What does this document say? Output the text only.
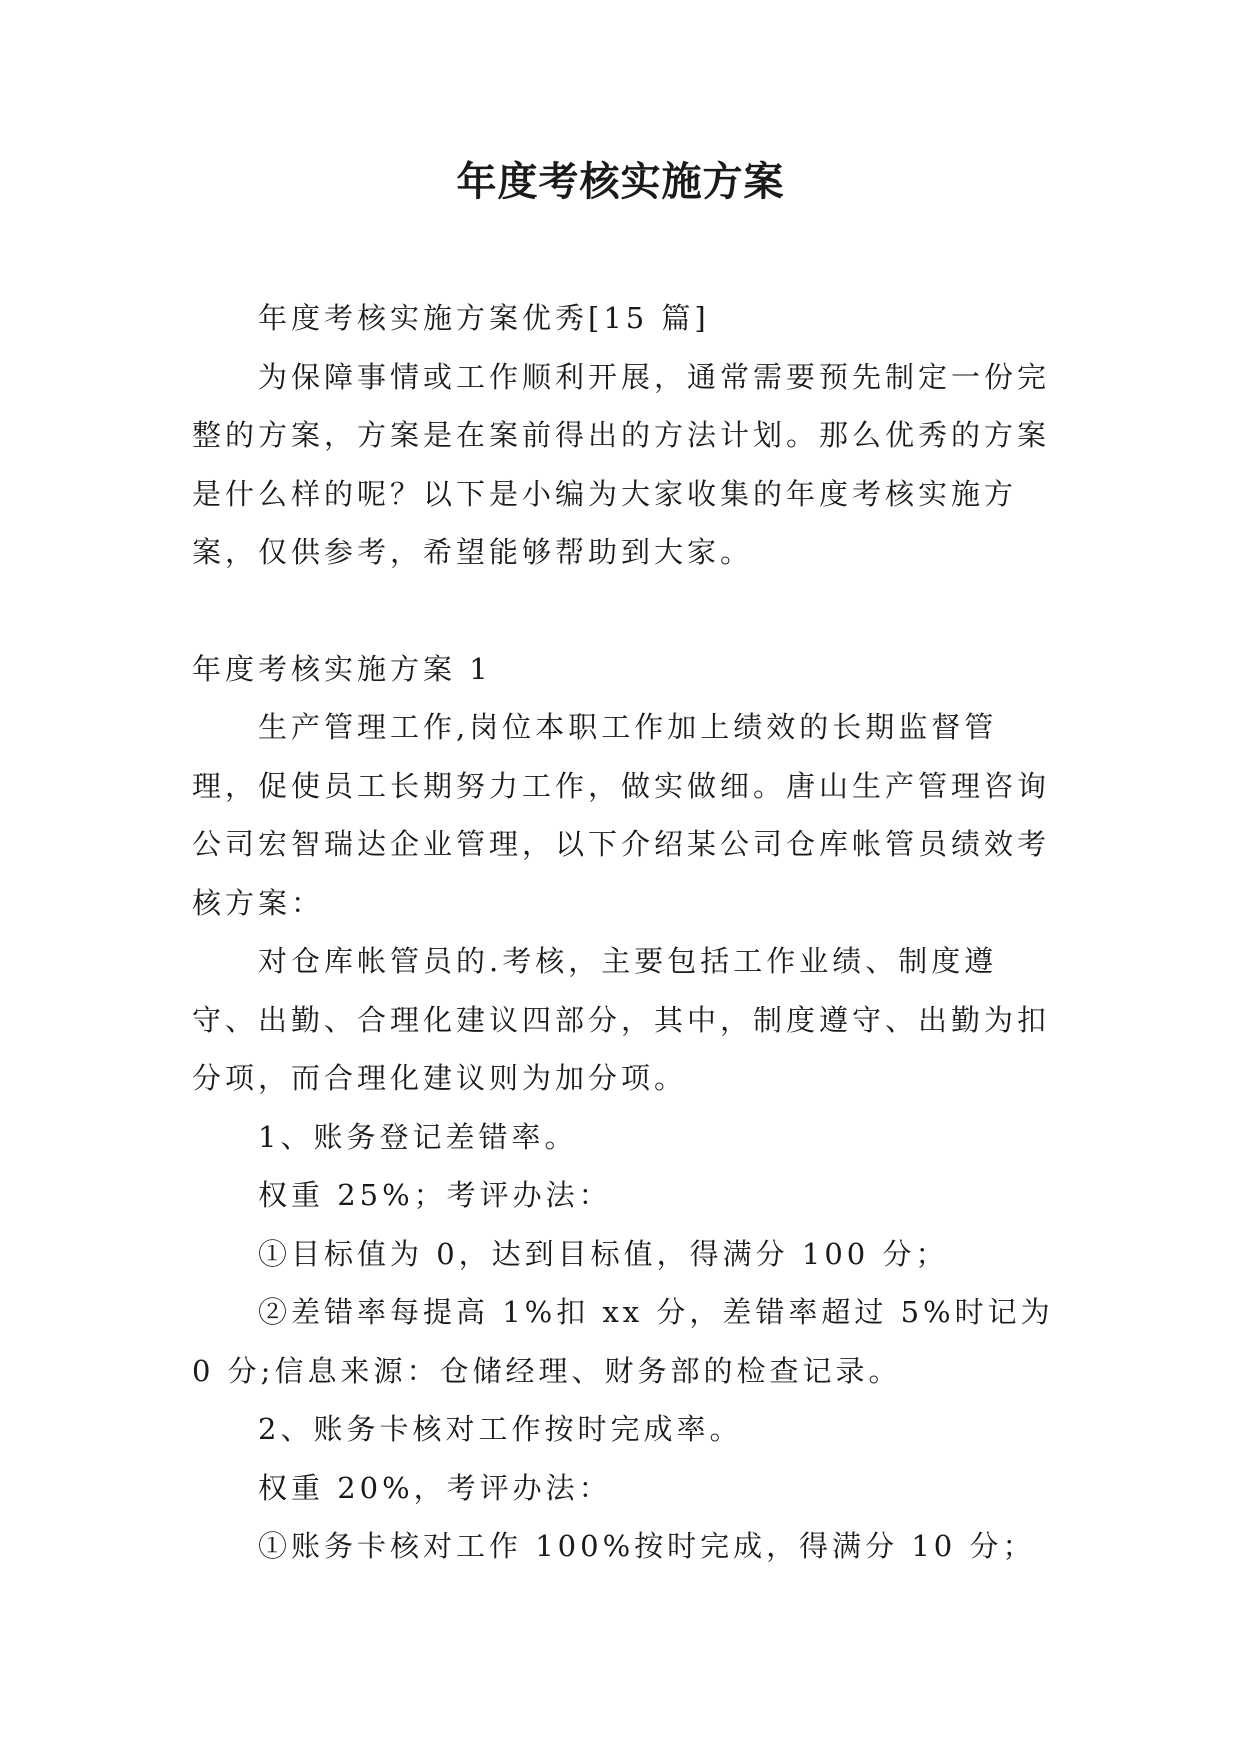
年度考核实施方案

年度考核实施方案优秀[15 篇]

为保障事情或工作顺利开展，通常需要预先制定一份完整的方案，方案是在案前得出的方法计划。那么优秀的方案是什么样的呢？以下是小编为大家收集的年度考核实施方案，仅供参考，希望能够帮助到大家。

年度考核实施方案 1

生产管理工作,岗位本职工作加上绩效的长期监督管理，促使员工长期努力工作，做实做细。唐山生产管理咨询公司宏智瑞达企业管理，以下介绍某公司仓库帐管员绩效考核方案：

对仓库帐管员的.考核，主要包括工作业绩、制度遵守、出勤、合理化建议四部分，其中，制度遵守、出勤为扣分项，而合理化建议则为加分项。

1、账务登记差错率。

权重 25%；考评办法：

①目标值为 0，达到目标值，得满分 100 分；

②差错率每提高 1%扣 xx 分，差错率超过 5%时记为 0 分;信息来源：仓储经理、财务部的检查记录。

2、账务卡核对工作按时完成率。

权重 20%，考评办法：

①账务卡核对工作 100%按时完成，得满分 10 分；
